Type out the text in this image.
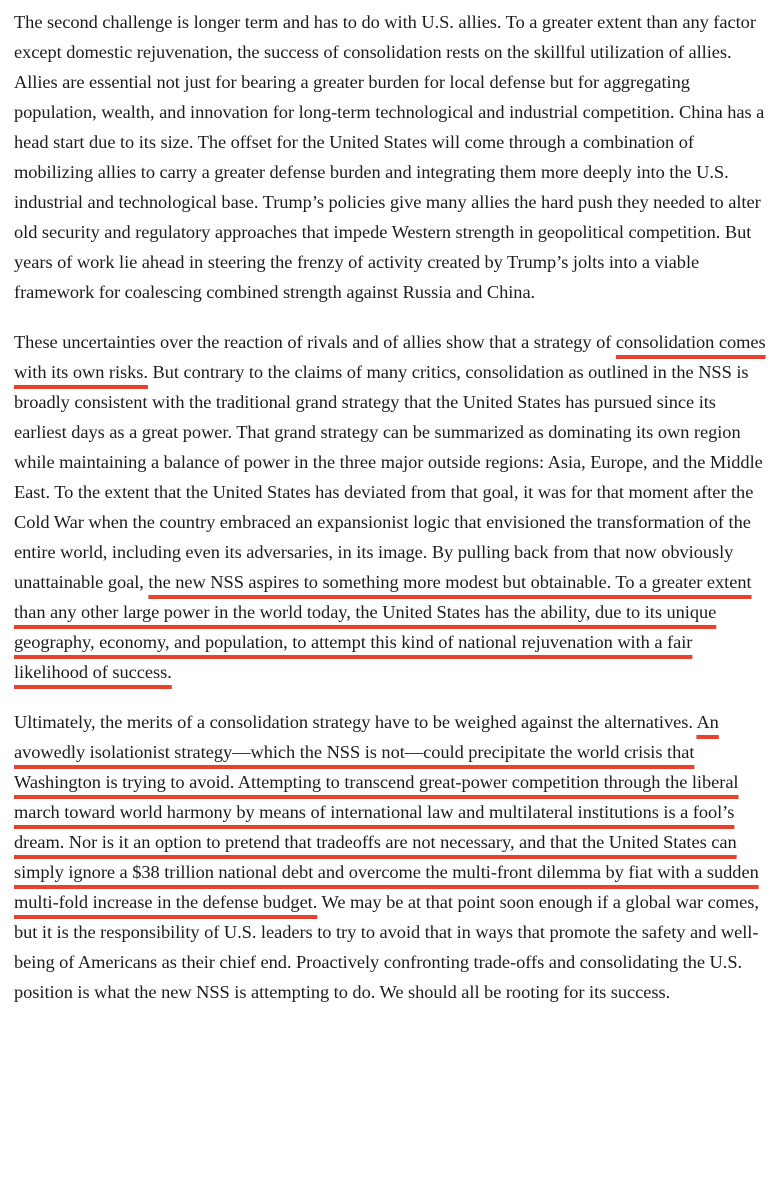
The second challenge is longer term and has to do with U.S. allies. To a greater extent than any factor except domestic rejuvenation, the success of consolidation rests on the skillful utilization of allies. Allies are essential not just for bearing a greater burden for local defense but for aggregating population, wealth, and innovation for long-term technological and industrial competition. China has a head start due to its size. The offset for the United States will come through a combination of mobilizing allies to carry a greater defense burden and integrating them more deeply into the U.S. industrial and technological base. Trump’s policies give many allies the hard push they needed to alter old security and regulatory approaches that impede Western strength in geopolitical competition. But years of work lie ahead in steering the frenzy of activity created by Trump’s jolts into a viable framework for coalescing combined strength against Russia and China.

These uncertainties over the reaction of rivals and of allies show that a strategy of consolidation comes with its own risks. But contrary to the claims of many critics, consolidation as outlined in the NSS is broadly consistent with the traditional grand strategy that the United States has pursued since its earliest days as a great power. That grand strategy can be summarized as dominating its own region while maintaining a balance of power in the three major outside regions: Asia, Europe, and the Middle East. To the extent that the United States has deviated from that goal, it was for that moment after the Cold War when the country embraced an expansionist logic that envisioned the transformation of the entire world, including even its adversaries, in its image. By pulling back from that now obviously unattainable goal, the new NSS aspires to something more modest but obtainable. To a greater extent than any other large power in the world today, the United States has the ability, due to its unique geography, economy, and population, to attempt this kind of national rejuvenation with a fair likelihood of success.

Ultimately, the merits of a consolidation strategy have to be weighed against the alternatives. An avowedly isolationist strategy—which the NSS is not—could precipitate the world crisis that Washington is trying to avoid. Attempting to transcend great-power competition through the liberal march toward world harmony by means of international law and multilateral institutions is a fool’s dream. Nor is it an option to pretend that tradeoffs are not necessary, and that the United States can simply ignore a $38 trillion national debt and overcome the multi-front dilemma by fiat with a sudden multi-fold increase in the defense budget. We may be at that point soon enough if a global war comes, but it is the responsibility of U.S. leaders to try to avoid that in ways that promote the safety and well-being of Americans as their chief end. Proactively confronting trade-offs and consolidating the U.S. position is what the new NSS is attempting to do. We should all be rooting for its success.
